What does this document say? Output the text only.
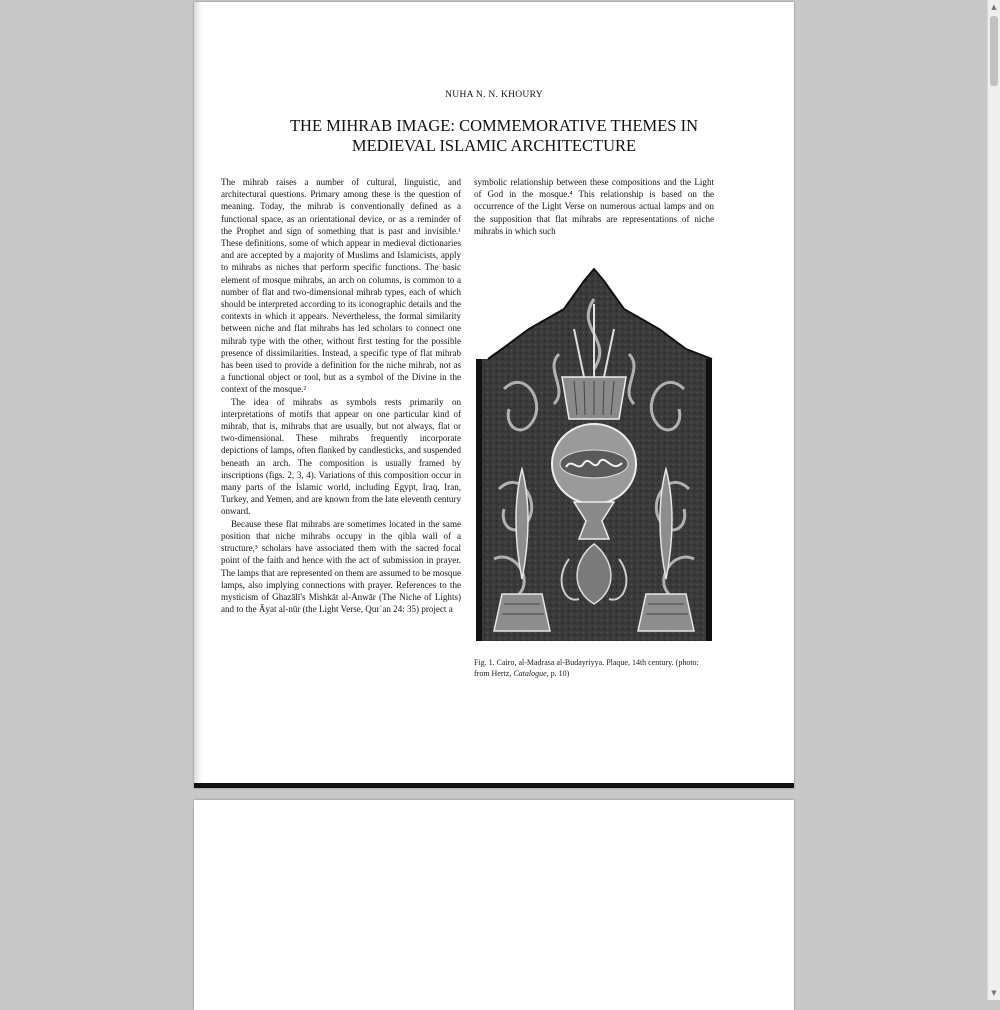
NUHA N. N. KHOURY
THE MIHRAB IMAGE: COMMEMORATIVE THEMES IN
MEDIEVAL ISLAMIC ARCHITECTURE

The mihrab raises a number of cultural, linguistic, and architectural questions. Primary among these is the question of meaning. Today, the mihrab is conventionally defined as a functional space, as an orientational device, or as a reminder of the Prophet and sign of something that is past and invisible.¹ These definitions, some of which appear in medieval dictionaries and are accepted by a majority of Muslims and Islamicists, apply to mihrabs as niches that perform specific functions. The basic element of mosque mihrabs, an arch on columns, is common to a number of flat and two-dimensional mihrab types, each of which should be interpreted according to its iconographic details and the contexts in which it appears. Nevertheless, the formal similarity between niche and flat mihrabs has led scholars to connect one mihrab type with the other, without first testing for the possible presence of dissimilarities. Instead, a specific type of flat mihrab has been used to provide a definition for the niche mihrab, not as a functional object or tool, but as a symbol of the Divine in the context of the mosque.²

The idea of mihrabs as symbols rests primarily on interpretations of motifs that appear on one particular kind of mihrab, that is, mihrabs that are usually, but not always, flat or two-dimensional. These mihrabs frequently incorporate depictions of lamps, often flanked by candlesticks, and suspended beneath an arch. The composition is usually framed by inscriptions (figs. 2, 3, 4). Variations of this composition occur in many parts of the Islamic world, including Egypt, Iraq, Iran, Turkey, and Yemen, and are known from the late eleventh century onward.

Because these flat mihrabs are sometimes located in the same position that niche mihrabs occupy in the qibla wall of a structure,³ scholars have associated them with the sacred focal point of the faith and hence with the act of submission in prayer. The lamps that are represented on them are assumed to be mosque lamps, also implying connections with prayer. References to the mysticism of Ghazālī's Mishkāt al-Anwār (The Niche of Lights) and to the Āyat al-nūr (the Light Verse, Qurʾan 24: 35) project a

symbolic relationship between these compositions and the Light of God in the mosque.⁴ This relationship is based on the occurrence of the Light Verse on numerous actual lamps and on the supposition that flat mihrabs are representations of niche mihrabs in which such

Fig. 1. Cairo, al-Madrasa al-Budayriyya. Plaque, 14th century. (photo: from Hertz, Catalogue, p. 10)
▲
▼
